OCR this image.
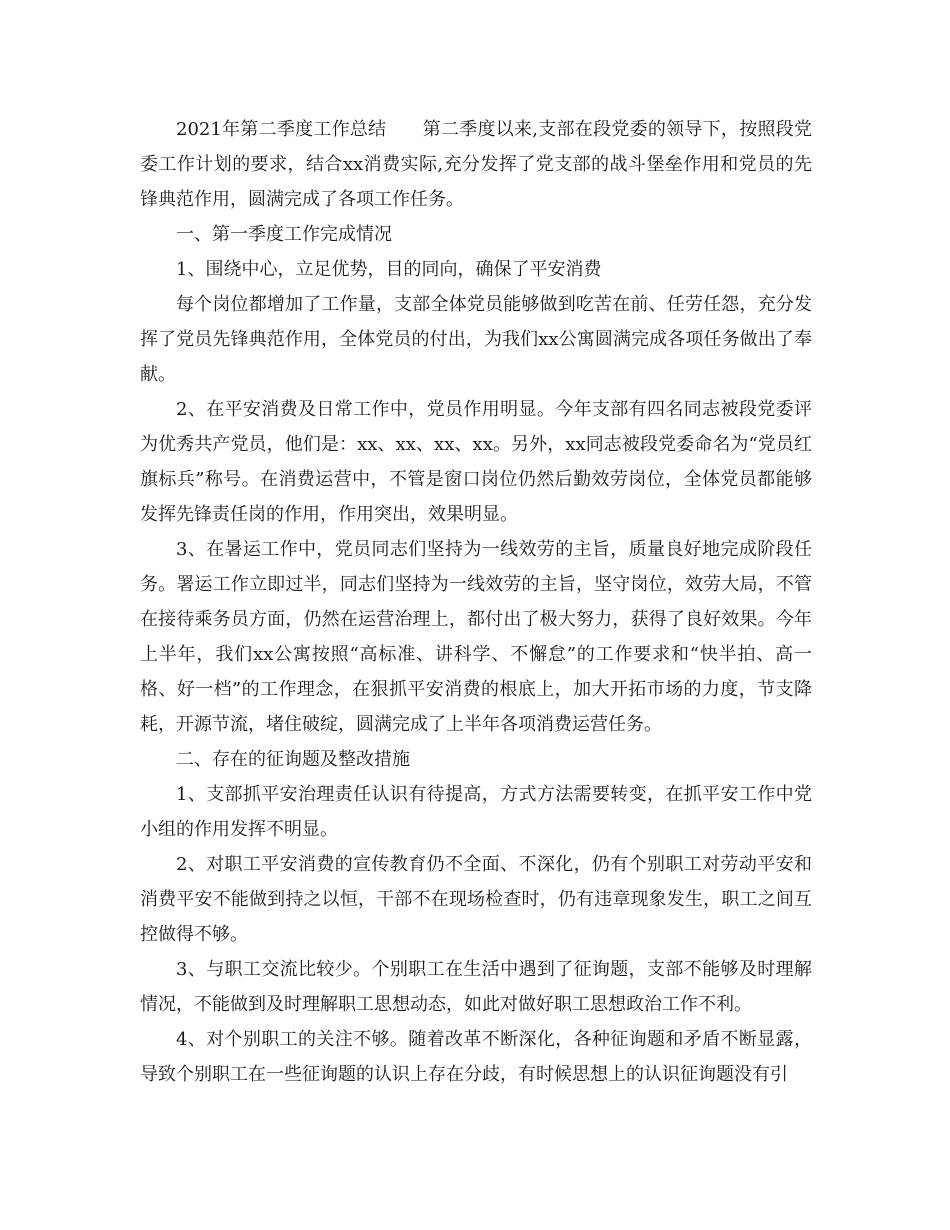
2021年第二季度工作总结 第二季度以来,支部在段党委的领导下，按照段党委工作计划的要求，结合xx消费实际,充分发挥了党支部的战斗堡垒作用和党员的先锋典范作用，圆满完成了各项工作任务。

一、第一季度工作完成情况

1、围绕中心，立足优势，目的同向，确保了平安消费

每个岗位都增加了工作量，支部全体党员能够做到吃苦在前、任劳任怨，充分发挥了党员先锋典范作用，全体党员的付出，为我们xx公寓圆满完成各项任务做出了奉献。

2、在平安消费及日常工作中，党员作用明显。今年支部有四名同志被段党委评为优秀共产党员，他们是：xx、xx、xx、xx。另外，xx同志被段党委命名为“党员红旗标兵”称号。在消费运营中，不管是窗口岗位仍然后勤效劳岗位，全体党员都能够发挥先锋责任岗的作用，作用突出，效果明显。

3、在暑运工作中，党员同志们坚持为一线效劳的主旨，质量良好地完成阶段任务。署运工作立即过半，同志们坚持为一线效劳的主旨，坚守岗位，效劳大局，不管在接待乘务员方面，仍然在运营治理上，都付出了极大努力，获得了良好效果。今年上半年，我们xx公寓按照“高标准、讲科学、不懈怠”的工作要求和“快半拍、高一格、好一档”的工作理念，在狠抓平安消费的根底上，加大开拓市场的力度，节支降耗，开源节流，堵住破绽，圆满完成了上半年各项消费运营任务。

二、存在的征询题及整改措施

1、支部抓平安治理责任认识有待提高，方式方法需要转变，在抓平安工作中党小组的作用发挥不明显。

2、对职工平安消费的宣传教育仍不全面、不深化，仍有个别职工对劳动平安和消费平安不能做到持之以恒，干部不在现场检查时，仍有违章现象发生，职工之间互控做得不够。

3、与职工交流比较少。个别职工在生活中遇到了征询题，支部不能够及时理解情况，不能做到及时理解职工思想动态，如此对做好职工思想政治工作不利。

4、对个别职工的关注不够。随着改革不断深化，各种征询题和矛盾不断显露，导致个别职工在一些征询题的认识上存在分歧，有时候思想上的认识征询题没有引
